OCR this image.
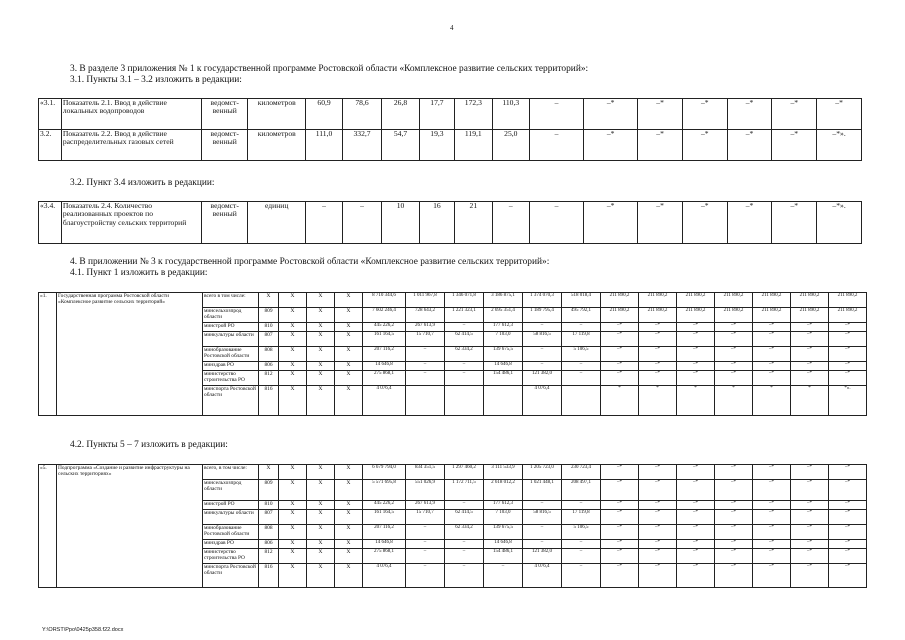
4
3. В разделе 3 приложения № 1 к государственной программе Ростовской области «Комплексное развитие сельских территорий»:
3.1. Пункты 3.1 – 3.2 изложить в редакции:
«3.1.	Показатель 2.1. Ввод в действие локальных водопроводов	ведомст-венный	километров	60,9	78,6	26,8	17,7	172,3	110,3	–	–*	–*	–*	–*	–*	–*
3.2.	Показатель 2.2. Ввод в действие распределительных газовых сетей	ведомст-венный	километров	111,0	332,7	54,7	19,3	119,1	25,0	–	–*	–*	–*	–*	–*	–*».
3.2. Пункт 3.4 изложить в редакции:
«3.4.	Показатель 2.4. Количество реализованных проектов по благоустройству сельских территорий	ведомст-венный	единиц	–	–	10	16	21	–	–	–*	–*	–*	–*	–*	–*».
4. В приложении № 3 к государственной программе Ростовской области «Комплексное развитие сельских территорий»:
4.1. Пункт 1 изложить в редакции:
«1.	Государственная программа Ростовской области «Комплексное развитие сельских территорий»	всего в том числе:	X	X	X	X	8 710 344,6	1 011 967,8	1 346 071,8	3 186 875,1	1 374 070,3	518 018,4	211 890,2	211 890,2	211 890,2	211 890,2	211 890,2	211 890,2	211 890,2
		минсельхозпрод области	809	X	X	X	7 602 246,4	728 643,2	1 221 323,1	2 695 351,4	1 189 795,4	495 792,1	211 890,2	211 890,2	211 890,2	211 890,2	211 890,2	211 890,2	211 890,2
		минстрой РО	810	X	X	X	445 226,2	267 613,9	–	177 612,3	–	–	–*	–*	–*	–*	–*	–*	–*
		минкультуры области	807	X	X	X	161 164,5	15 710,7	62 414,5	7 103,0	58 816,5	17 119,8	–*	–*	–*	–*	–*	–*	–*
		минобразование Ростовской области	808	X	X	X	207 116,2	–	62 334,2	139 675,5	–	5 106,5	–*	–*	–*	–*	–*	–*	–*
		минздрав РО	806	X	X	X	14 646,8	–	–	14 646,8	–	–	–*	–*	–*	–*	–*	–*	–*
		министерство строительства РО	812	X	X	X	275 868,1	–	–	154 486,1	121 382,0	–	–*	–*	–*	–*	–*	–*	–*
		минспорта Ростовской области	816	X	X	X	4 076,4				4 076,4		*	*	*	*	*	*	*».
4.2. Пункты 5 – 7 изложить в редакции:
«5.	Подпрограмма «Создание и развитие инфраструктуры на сельских территориях»	всего, в том числе:	X	X	X	X	6 679 794,0	834 351,5	1 297 460,2	3 111 533,9	1 205 723,0	230 723,4	–*	–*	–*	–*	–*	–*	–*
		минсельхозпрод области	809	X	X	X	5 571 695,8	551 026,9	1 172 711,5	2 618 012,2	1 021 448,1	208 497,1	–*	–*	–*	–*	–*	–*	–*
		минстрой РО	810	X	X	X	445 226,2	267 613,9	–	177 612,3	–	–	–*	–*	–*	–*	–*	–*	–*
		минкультуры области	807	X	X	X	161 164,5	15 710,7	62 414,5	7 103,0	58 816,5	17 119,8	–*	–*	–*	–*	–*	–*	–*
		минобразование Ростовской области	808	X	X	X	207 116,2	–	62 334,2	139 675,5	–	5 106,5	–*	–*	–*	–*	–*	–*	–*
		минздрав РО	806	X	X	X	14 646,8	–	–	14 646,8	–	–	–*	–*	–*	–*	–*	–*	–*
		министерство строительства РО	812	X	X	X	275 868,1	–	–	154 486,1	121 382,0	–	–*	–*	–*	–*	–*	–*	–*
		минспорта Ростовской области	816	X	X	X	4 076,4	–	–	–	4 076,4	–	–*	–*	–*	–*	–*	–*	–*
Y:\ORST\Ppo\0425p358.f22.docx
